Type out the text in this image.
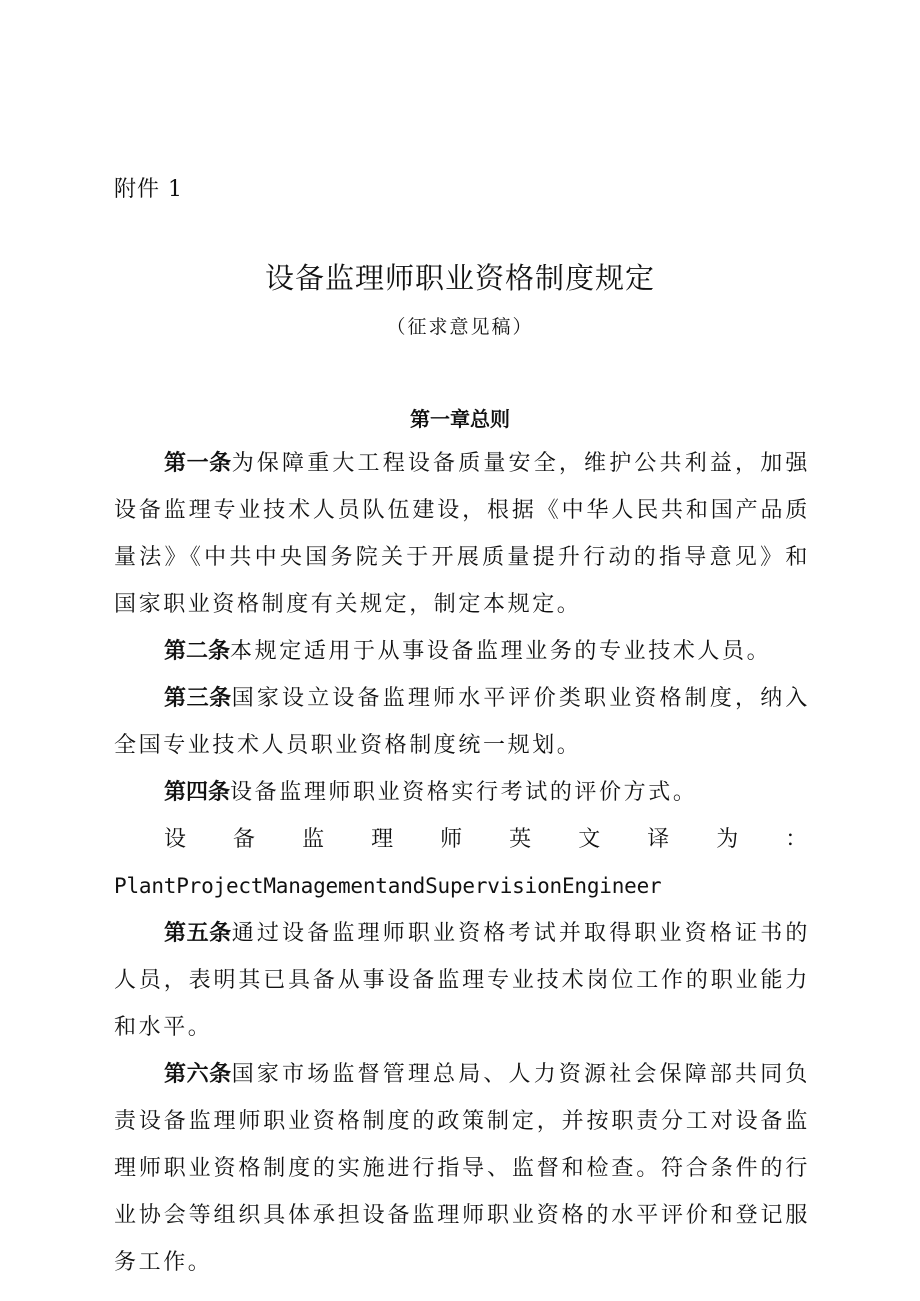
附件 1
设备监理师职业资格制度规定
（征求意见稿）
第一章总则

第一条为保障重大工程设备质量安全，维护公共利益，加强设备监理专业技术人员队伍建设，根据《中华人民共和国产品质量法》《中共中央国务院关于开展质量提升行动的指导意见》和国家职业资格制度有关规定，制定本规定。

第二条本规定适用于从事设备监理业务的专业技术人员。

第三条国家设立设备监理师水平评价类职业资格制度，纳入全国专业技术人员职业资格制度统一规划。

第四条设备监理师职业资格实行考试的评价方式。

设 备 监 理 师 英 文 译 为 ：
PlantProjectManagementandSupervisionEngineer

第五条通过设备监理师职业资格考试并取得职业资格证书的人员，表明其已具备从事设备监理专业技术岗位工作的职业能力和水平。

第六条国家市场监督管理总局、人力资源社会保障部共同负责设备监理师职业资格制度的政策制定，并按职责分工对设备监理师职业资格制度的实施进行指导、监督和检查。符合条件的行业协会等组织具体承担设备监理师职业资格的水平评价和登记服务工作。
